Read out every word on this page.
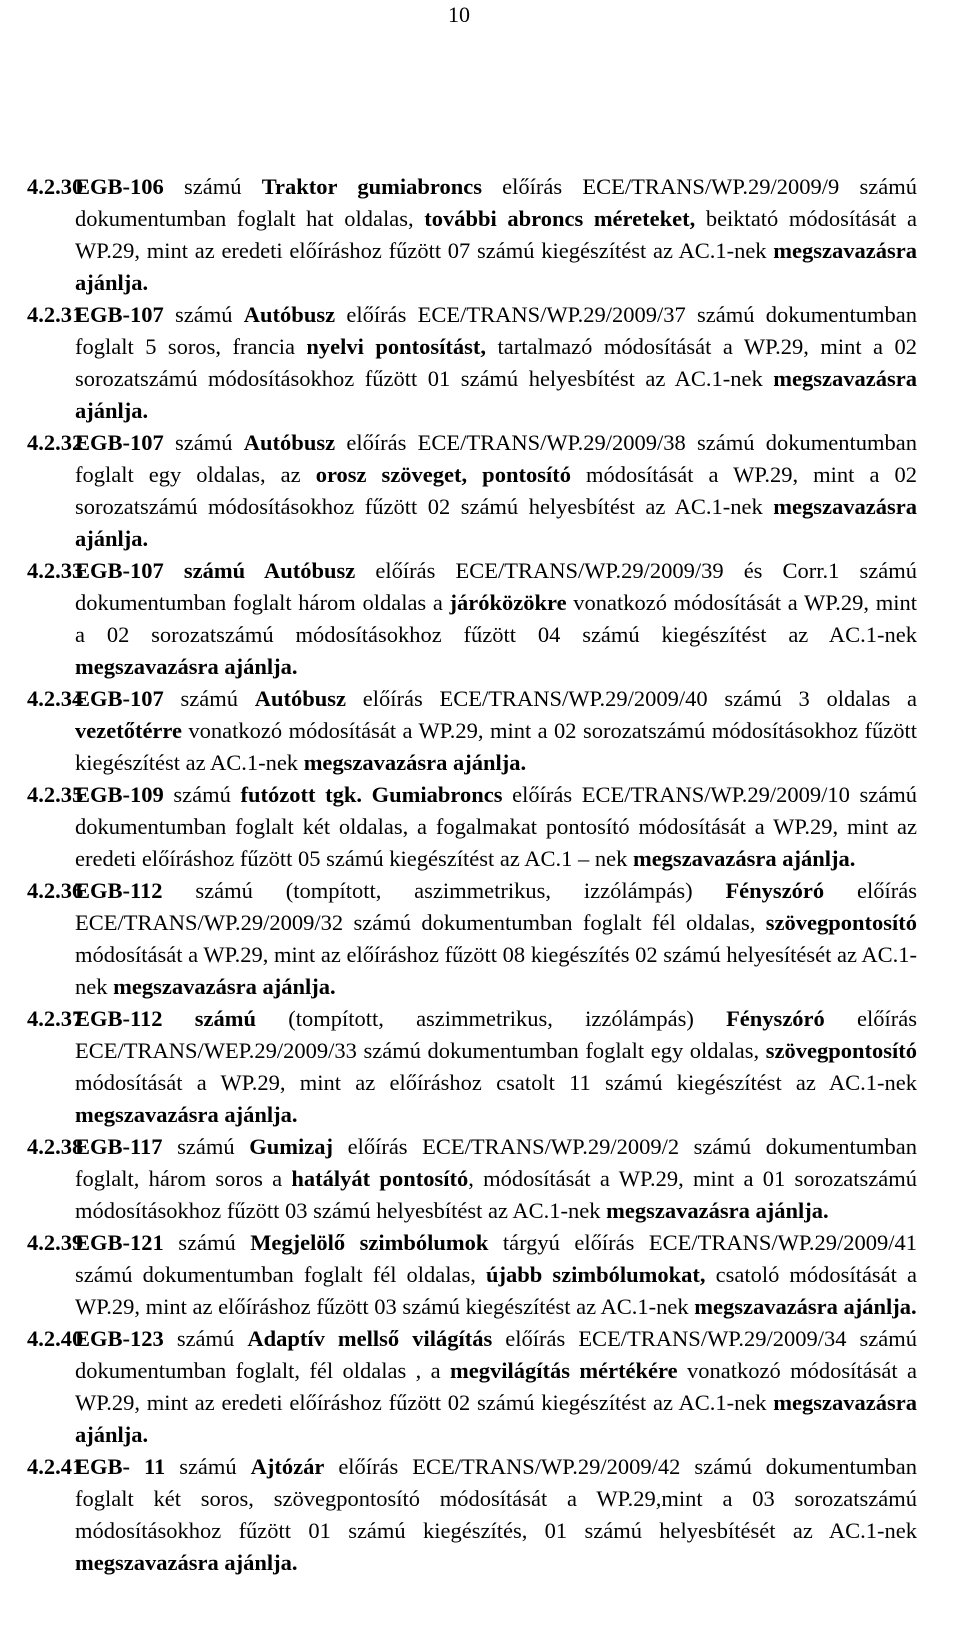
10
4.2.30
EGB-106 számú Traktor gumiabroncs előírás ECE/TRANS/WP.29/2009/9 számú dokumentumban foglalt hat oldalas, további abroncs méreteket, beiktató módosítását a WP.29, mint az eredeti előíráshoz fűzött 07 számú kiegészítést az AC.1-nek megszavazásra ajánlja.
4.2.31
EGB-107 számú Autóbusz előírás ECE/TRANS/WP.29/2009/37 számú dokumentumban foglalt 5 soros, francia nyelvi pontosítást, tartalmazó módosítását a WP.29, mint a 02 sorozatszámú módosításokhoz fűzött 01 számú helyesbítést az AC.1-nek megszavazásra ajánlja.
4.2.32
EGB-107 számú Autóbusz előírás ECE/TRANS/WP.29/2009/38 számú dokumentumban foglalt egy oldalas, az orosz szöveget, pontosító módosítását a WP.29, mint a 02 sorozatszámú módosításokhoz fűzött 02 számú helyesbítést az AC.1-nek megszavazásra ajánlja.
4.2.33
EGB-107 számú Autóbusz előírás ECE/TRANS/WP.29/2009/39 és Corr.1 számú dokumentumban foglalt három oldalas a járóközökre vonatkozó módosítását a WP.29, mint a 02 sorozatszámú módosításokhoz fűzött 04 számú kiegészítést az AC.1-nek megszavazásra ajánlja.
4.2.34
EGB-107 számú Autóbusz előírás ECE/TRANS/WP.29/2009/40 számú 3 oldalas a vezetőtérre vonatkozó módosítását a WP.29, mint a 02 sorozatszámú módosításokhoz fűzött kiegészítést az AC.1-nek megszavazásra ajánlja.
4.2.35
EGB-109 számú futózott tgk. Gumiabroncs előírás ECE/TRANS/WP.29/2009/10 számú dokumentumban foglalt két oldalas, a fogalmakat pontosító módosítását a WP.29, mint az eredeti előíráshoz fűzött 05 számú kiegészítést az AC.1 – nek megszavazásra ajánlja.
4.2.36
EGB-112 számú (tompított, aszimmetrikus, izzólámpás) Fényszóró előírás ECE/TRANS/WP.29/2009/32 számú dokumentumban foglalt fél oldalas, szövegpontosító módosítását a WP.29, mint az előíráshoz fűzött 08 kiegészítés 02 számú helyesítését az AC.1-nek megszavazásra ajánlja.
4.2.37
EGB-112 számú (tompított, aszimmetrikus, izzólámpás) Fényszóró előírás ECE/TRANS/WEP.29/2009/33 számú dokumentumban foglalt egy oldalas, szövegpontosító módosítását a WP.29, mint az előíráshoz csatolt 11 számú kiegészítést az AC.1-nek megszavazásra ajánlja.
4.2.38
EGB-117 számú Gumizaj előírás ECE/TRANS/WP.29/2009/2 számú dokumentumban foglalt, három soros a hatályát pontosító, módosítását a WP.29, mint a 01 sorozatszámú módosításokhoz fűzött 03 számú helyesbítést az AC.1-nek megszavazásra ajánlja.
4.2.39
EGB-121 számú Megjelölő szimbólumok tárgyú előírás ECE/TRANS/WP.29/2009/41 számú dokumentumban foglalt fél oldalas, újabb szimbólumokat, csatoló módosítását a WP.29, mint az előíráshoz fűzött 03 számú kiegészítést az AC.1-nek megszavazásra ajánlja.
4.2.40
EGB-123 számú Adaptív mellső világítás előírás ECE/TRANS/WP.29/2009/34 számú dokumentumban foglalt, fél oldalas , a megvilágítás mértékére vonatkozó módosítását a WP.29, mint az eredeti előíráshoz fűzött 02 számú kiegészítést az AC.1-nek megszavazásra ajánlja.
4.2.41
EGB- 11 számú Ajtózár előírás ECE/TRANS/WP.29/2009/42 számú dokumentumban foglalt két soros, szövegpontosító módosítását a WP.29,mint a 03 sorozatszámú módosításokhoz fűzött 01 számú kiegészítés, 01 számú helyesbítését az AC.1-nek megszavazásra ajánlja.
